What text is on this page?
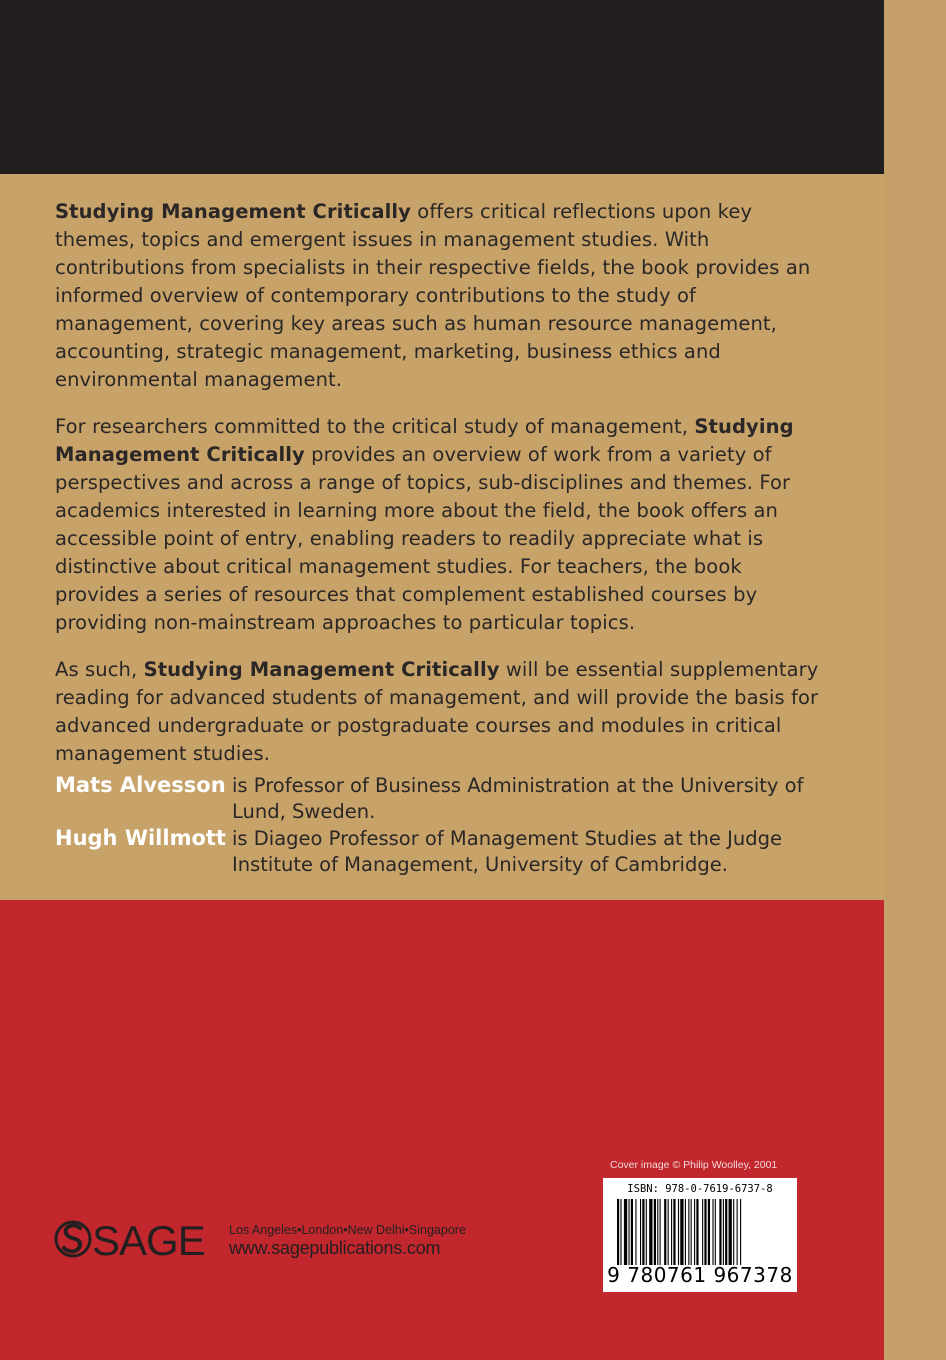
Studying Management Critically offers critical reflections upon key themes, topics and emergent issues in management studies. With contributions from specialists in their respective fields, the book provides an informed overview of contemporary contributions to the study of management, covering key areas such as human resource management, accounting, strategic management, marketing, business ethics and environmental management.

For researchers committed to the critical study of management, Studying Management Critically provides an overview of work from a variety of perspectives and across a range of topics, sub-disciplines and themes. For academics interested in learning more about the field, the book offers an accessible point of entry, enabling readers to readily appreciate what is distinctive about critical management studies. For teachers, the book provides a series of resources that complement established courses by providing non-mainstream approaches to particular topics.

As such, Studying Management Critically will be essential supplementary reading for advanced students of management, and will provide the basis for advanced undergraduate or postgraduate courses and modules in critical management studies.

Mats Alvesson is Professor of Business Administration at the University of Lund, Sweden.
Hugh Willmott is Diageo Professor of Management Studies at the Judge Institute of Management, University of Cambridge.
Cover image © Philip Woolley, 2001
ISBN: 978-0-7619-6737-8
9 780761 967378
SAGE Los Angeles•London•New Delhi•Singapore
www.sagepublications.com
